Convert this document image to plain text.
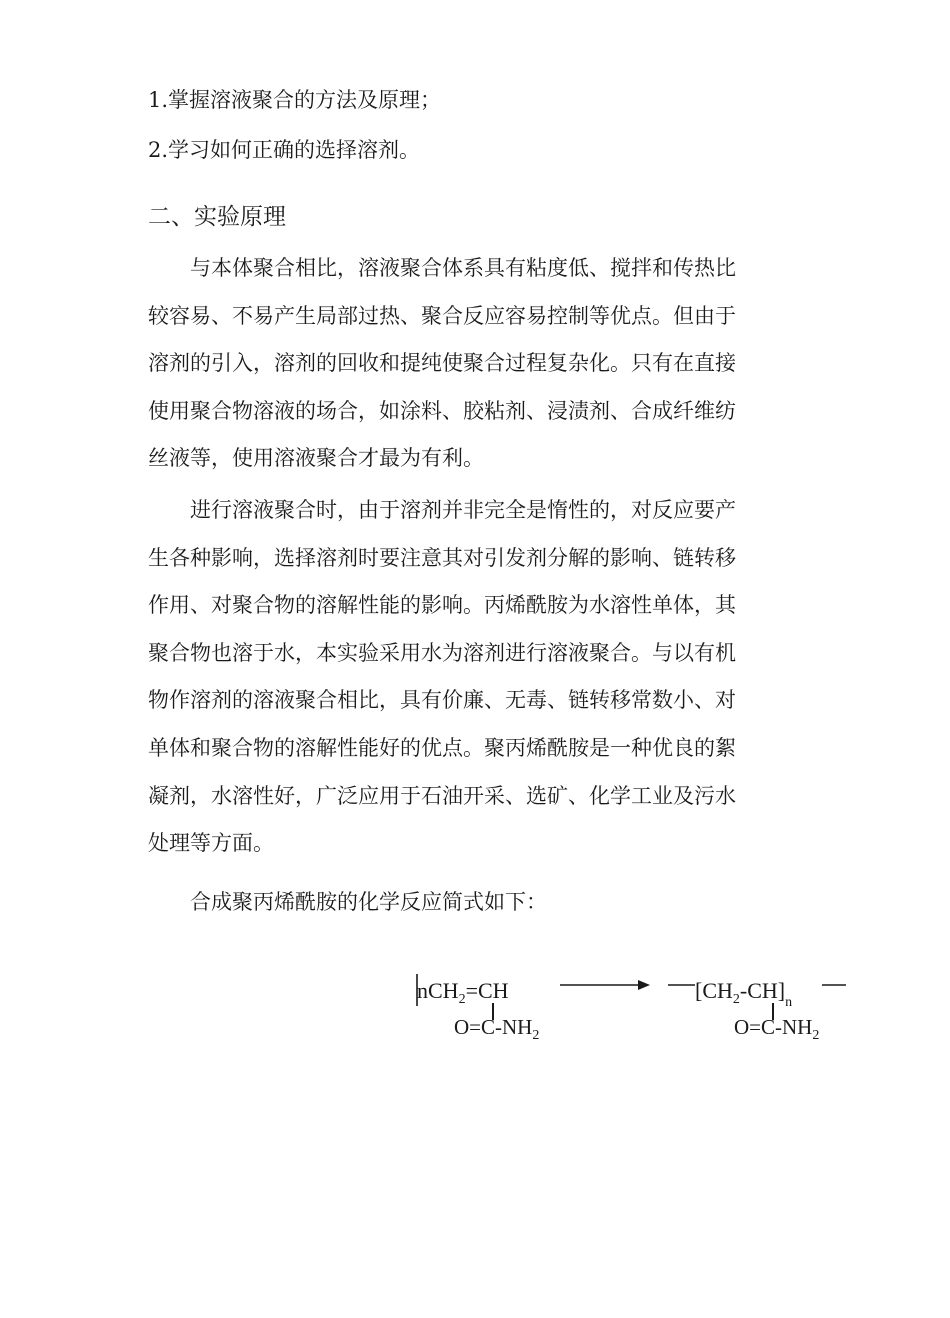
1.掌握溶液聚合的方法及原理；
2.学习如何正确的选择溶剂。
二、实验原理

与本体聚合相比，溶液聚合体系具有粘度低、搅拌和传热比
较容易、不易产生局部过热、聚合反应容易控制等优点。但由于
溶剂的引入，溶剂的回收和提纯使聚合过程复杂化。只有在直接
使用聚合物溶液的场合，如涂料、胶粘剂、浸渍剂、合成纤维纺
丝液等，使用溶液聚合才最为有利。

进行溶液聚合时，由于溶剂并非完全是惰性的，对反应要产
生各种影响，选择溶剂时要注意其对引发剂分解的影响、链转移
作用、对聚合物的溶解性能的影响。丙烯酰胺为水溶性单体，其
聚合物也溶于水，本实验采用水为溶剂进行溶液聚合。与以有机
物作溶剂的溶液聚合相比，具有价廉、无毒、链转移常数小、对
单体和聚合物的溶解性能好的优点。聚丙烯酰胺是一种优良的絮
凝剂，水溶性好，广泛应用于石油开采、选矿、化学工业及污水
处理等方面。

合成聚丙烯酰胺的化学反应简式如下：
nCH$_2$=CH
$O=C-NH_2$
$[CH_2-CH]_n$
$O=C-NH_2$
